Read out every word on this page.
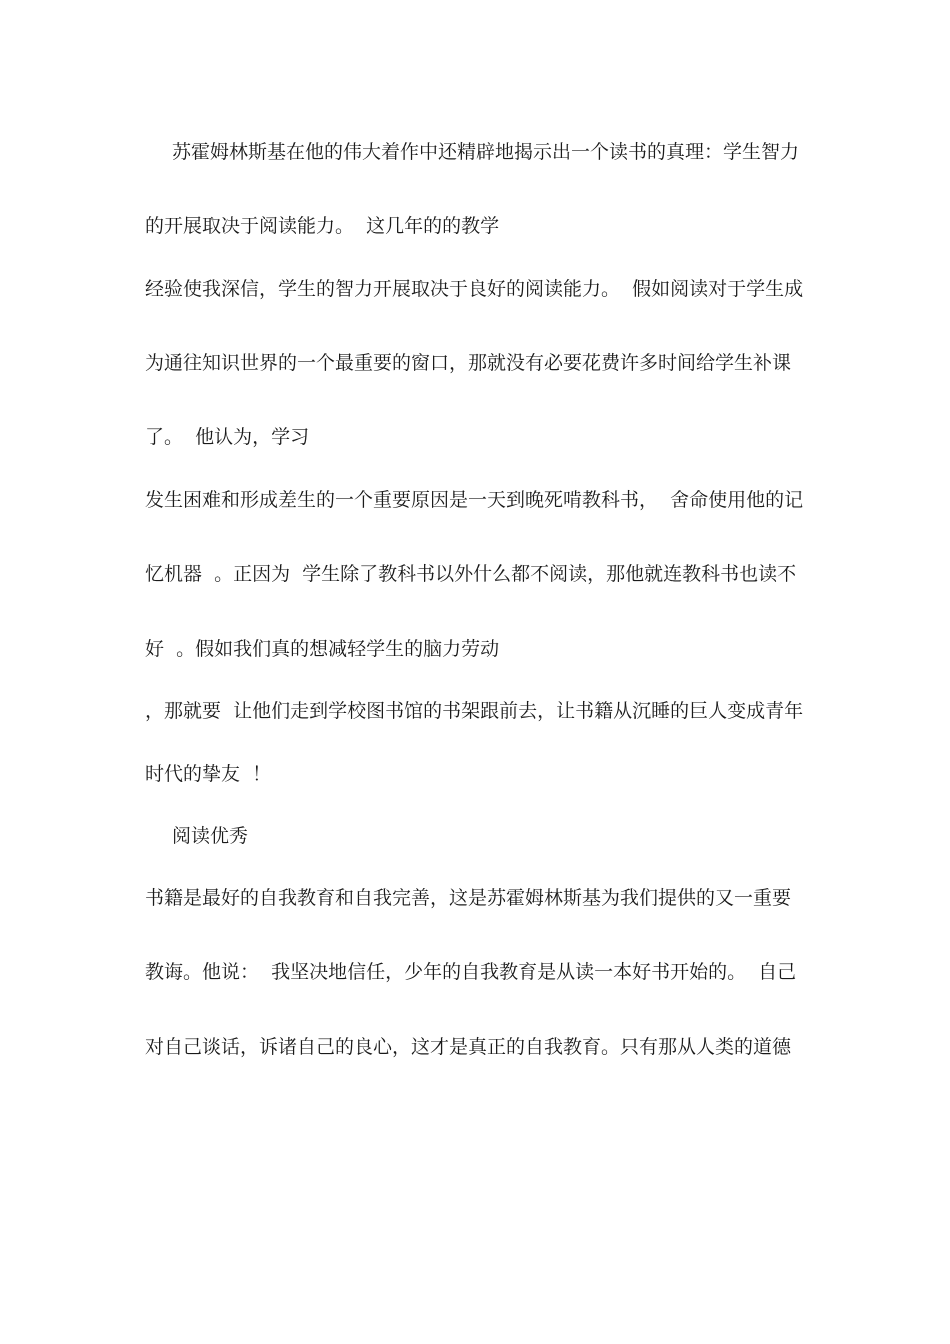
苏霍姆林斯基在他的伟大着作中还精辟地揭示出一个读书的真理：学生智力
的开展取决于阅读能力。  这几年的的教学
经验使我深信，学生的智力开展取决于良好的阅读能力。  假如阅读对于学生成
为通往知识世界的一个最重要的窗口，那就没有必要花费许多时间给学生补课
了。  他认为，学习
发生困难和形成差生的一个重要原因是一天到晚死啃教科书，  舍命使用他的记
忆机器  。正因为  学生除了教科书以外什么都不阅读，那他就连教科书也读不
好  。假如我们真的想减轻学生的脑力劳动
，那就要  让他们走到学校图书馆的书架跟前去，让书籍从沉睡的巨人变成青年
时代的挚友  ！
阅读优秀
书籍是最好的自我教育和自我完善，这是苏霍姆林斯基为我们提供的又一重要
教诲。他说：  我坚决地信任，少年的自我教育是从读一本好书开始的。  自己
对自己谈话，诉诸自己的良心，这才是真正的自我教育。只有那从人类的道德
